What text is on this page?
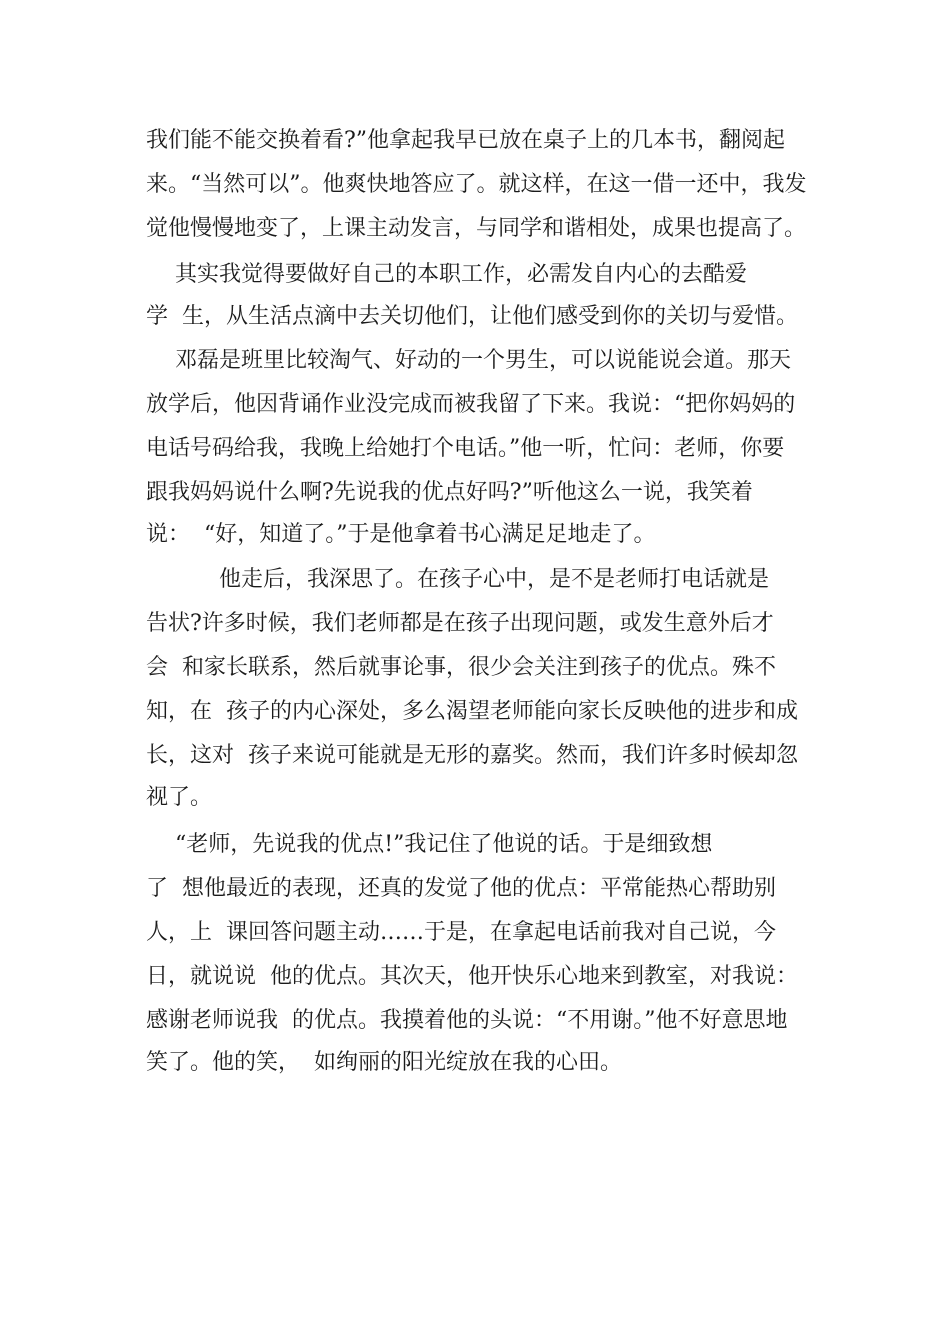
我们能不能交换着看?”他拿起我早已放在桌子上的几本书，翻阅起
来。“当然可以”。他爽快地答应了。就这样，在这一借一还中，我发
觉他慢慢地变了，上课主动发言，与同学和谐相处，成果也提高了。
　 其实我觉得要做好自己的本职工作，必需发自内心的去酷爱
学  生，从生活点滴中去关切他们，让他们感受到你的关切与爱惜。
　 邓磊是班里比较淘气、好动的一个男生，可以说能说会道。那天
放学后，他因背诵作业没完成而被我留了下来。我说：“把你妈妈的
电话号码给我，我晚上给她打个电话。”他一听，忙问：老师，你要
跟我妈妈说什么啊?先说我的优点好吗?”听他这么一说，我笑着
说：  “好，知道了。”于是他拿着书心满足足地走了。
　　　 他走后，我深思了。在孩子心中，是不是老师打电话就是
告状?许多时候，我们老师都是在孩子出现问题，或发生意外后才
会  和家长联系，然后就事论事，很少会关注到孩子的优点。殊不
知，在  孩子的内心深处，多么渴望老师能向家长反映他的进步和成
长，这对  孩子来说可能就是无形的嘉奖。然而，我们许多时候却忽
视了。
　 “老师，先说我的优点!”我记住了他说的话。于是细致想
了  想他最近的表现，还真的发觉了他的优点：平常能热心帮助别
人，上  课回答问题主动……于是，在拿起电话前我对自己说，今
日，就说说  他的优点。其次天，他开快乐心地来到教室，对我说：
感谢老师说我  的优点。我摸着他的头说：“不用谢。”他不好意思地
笑了。他的笑，  如绚丽的阳光绽放在我的心田。
